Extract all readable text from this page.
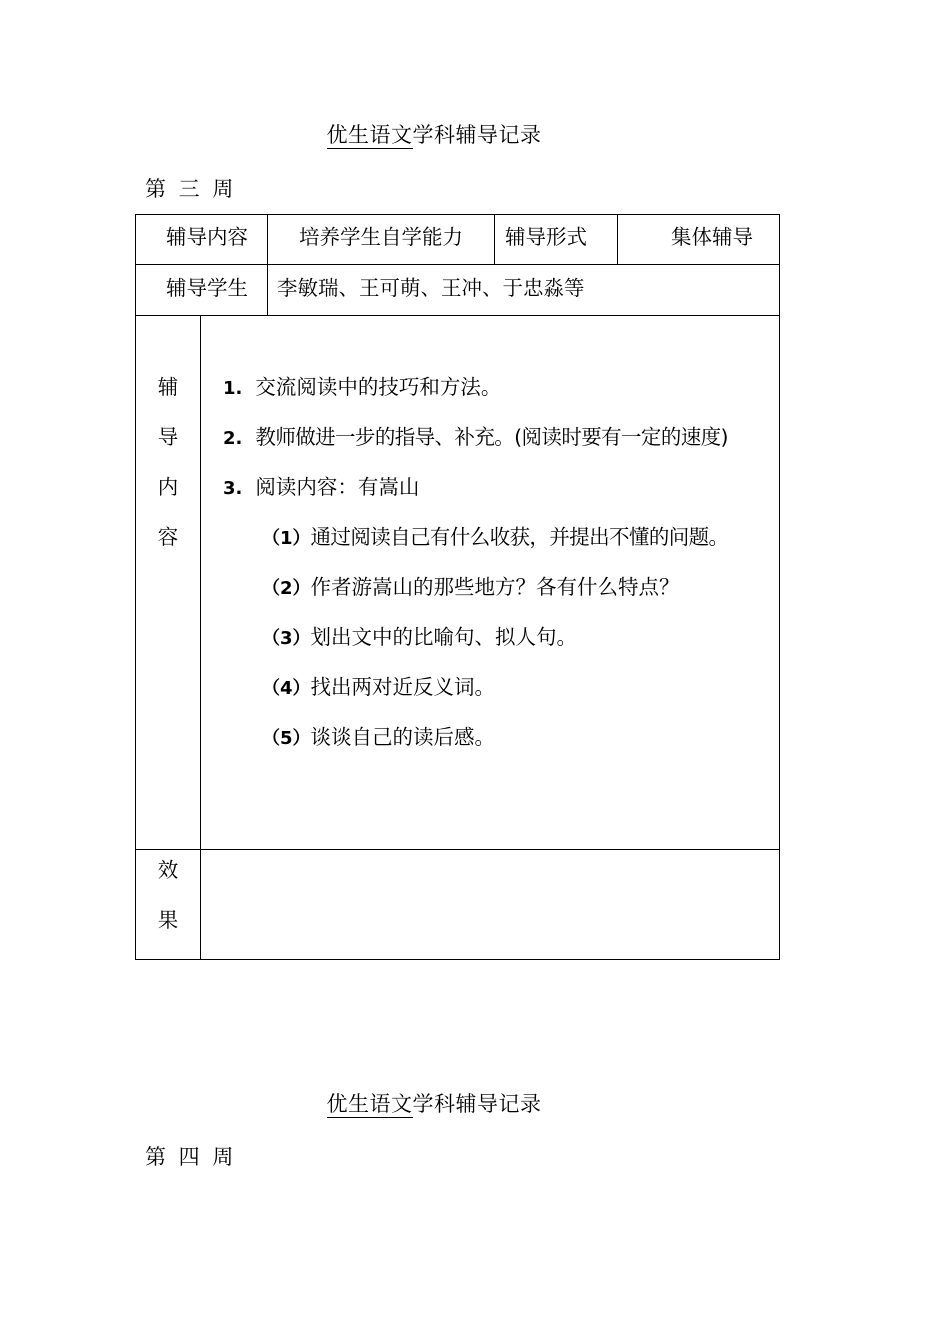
优生语文学科辅导记录
第 三 周
辅导内容 培养学生自学能力 辅导形式	集体辅导
辅导学生 李敏瑞、王可萌、王冲、于忠淼等
辅
导
内
容
1. 交流阅读中的技巧和方法。
2. 教师做进一步的指导、补充。(阅读时要有一定的速度)
3. 阅读内容：有嵩山
（1）通过阅读自己有什么收获，并提出不懂的问题。
（2）作者游嵩山的那些地方？各有什么特点？
（3）划出文中的比喻句、拟人句。
（4）找出两对近反义词。
（5）谈谈自己的读后感。
效
果
优生语文学科辅导记录
第 四 周
